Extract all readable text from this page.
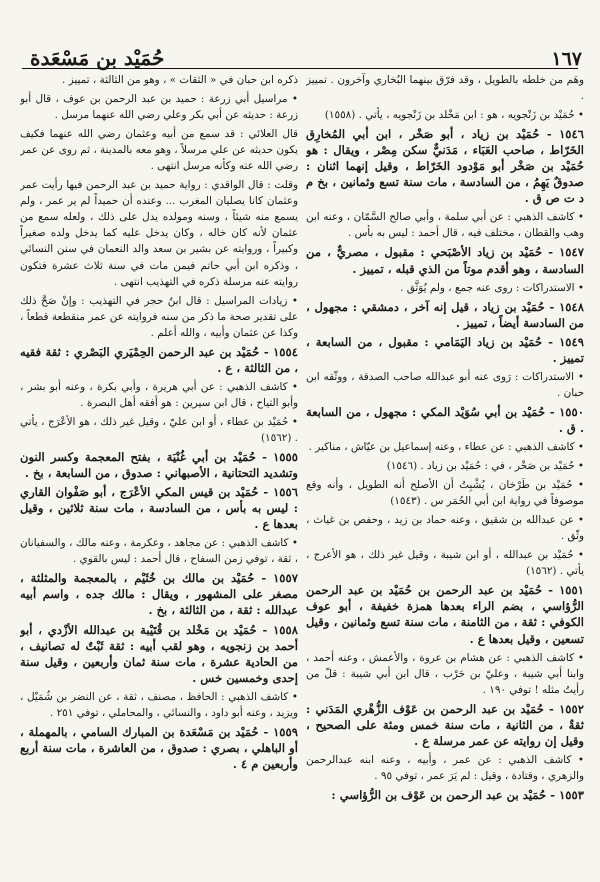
١٦٧
حُمَيْد بن مَسْعَدة

وهَم من خلطه بالطويل ، وقد فرّق بينهما البُخاري وآخرون . تمييز .

• حُمَيْد بن زَنْجويه ، هو : ابن مَخْلد بن زَنْجويه ، يأتي . (١٥٥٨)

١٥٤٦ - حُمَيْد بن زياد ، أبو صَخْر ، ابن أبي المُخارِق الخَرّاط ، صاحب العَبَاء ، مَدَنيٌّ سكن مِصْر ، ويقال : هو حُمَيْد بن صَخْر أبو مَوْدود الخَرّاط ، وقيل إنهما اثنان : صدوقٌ يَهِمُ ، من السادسة ، مات سنة تسع وثمانين ، بخ م د ت ص ق .

• كاشف الذهبي : عن أبي سلمة ، وأبي صالح السَّمّان ، وعنه ابن وهب والقطان ، مختلف فيه ، قال أحمد : ليس به بأس .

١٥٤٧ - حُمَيْد بن زياد الأصْبَحي : مقبول ، مصريٌّ ، من السادسة ، وهو أقدم موتاً من الذي قبله ، تمييز .

• الاستدراكات : روى عنه جمع ، ولم يُوَثَّق .

١٥٤٨ - حُمَيْد بن زياد ، قيل إنه آخر ، دمشقي : مجهول ، من السادسة أيضاً ، تمييز .

١٥٤٩ - حُمَيْد بن زياد اليَمَامي : مقبول ، من السابعة ، تمييز .

• الاستدراكات : رَوى عنه أبو عبدالله صاحب الصدقة ، ووثّقه ابن حبان .

١٥٥٠ - حُمَيْد بن أبي سُوَيْد المكي : مجهول ، من السابعة . ق .

• كاشف الذهبي : عن عطاء ، وعنه إسماعيل بن عيّاش ، مناكير .

• حُمَيْد بن صَخْر ، في : حُمَيْد بن زياد . (١٥٤٦)

• حُمَيْد بن طَرْخان ، يُشْبِتُ أن الأصلح أنه الطويل ، وأنه وقع موصوفاً في رواية ابن أبي الحُمَر س . (١٥٤٣)

• عن عبدالله بن شقيق ، وعنه حماد بن زيد ، وحفص بن غياث ، وثّق .

• حُمَيْد بن عبدالله ، أو ابن شيبة ، وقيل غير ذلك ، هو الأعرج ، يأتي . (١٥٦٢)

١٥٥١ - حُمَيْد بن عبد الرحمن بن حُمَيْد بن عبد الرحمن الرُّؤاسي ، بضم الراء بعدها همزة خفيفة ، أبو عوف الكوفي : ثقة ، من الثامنة ، مات سنة تسع وثمانين ، وقيل تسعين ، وقيل بعدها ع .

• كاشف الذهبي : عن هشام بن عروة ، والأعمش ، وعنه أحمد ، وابنا أبي شيبة ، وعليّ بن حَرْب ، قال ابن أبي شيبة : قلّ من رأيتُ مثله ! توفي ١٩٠ .

١٥٥٢ - حُمَيْد بن عبد الرحمن بن عَوْف الزُّهْري المَدَني : ثقةٌ ، من الثانية ، مات سنة خمس ومئة على الصحيح ، وقيل إن روايته عن عمر مرسلة ع .

• كاشف الذهبي : عن عمر ، وأبيه ، وعنه ابنه عبدالرحمن والزهري ، وقتادة ، وقيل : لم يَرَ عمر ، توفي ٩٥ .

١٥٥٣ - حُمَيْد بن عبد الرحمن بن عَوْف بن الرُّؤاسي :

ذكره ابن حبان في « الثقات » ، وهو من الثالثة ، تمييز .

• مراسيل أبي زرعة : حميد بن عبد الرحمن بن عوف ، قال أبو زرعة : حديثه عن أبي بكر وعلي رضي الله عنهما مرسل .

قال العلائي : قد سمع من أبيه وعثمان رضي الله عنهما فكيف يكون حديثه عن علي مرسلاً ، وهو معه بالمدينة ، ثم روى عن عمر رضي الله عنه وكأنه مرسل انتهى .

وقلت : قال الواقدي : رواية حميد بن عبد الرحمن فيها رأيت عمر وعثمان كانا يصليان المغرب ... وعنده أن حميداً لم ير عمر ، ولم يسمع منه شيئاً ، وسنه ومولده يدل على ذلك ، ولعله سمع من عثمان لأنه كان خاله ، وكان يدخل عليه كما يدخل ولده صغيراً وكبيراً ، وروايته عن بشير بن سعد والد النعمان في سنن النسائي ، وذكره ابن أبي حاتم فيمن مات في سنة ثلاث عشرة فتكون روايته عنه مرسلة ذكره في التهذيب انتهى .

• زيادات المراسيل : قال ابنُ حجر في التهذيب : وإنْ صَحَّ ذلك على تقدير صحة ما ذكر من سنه فروايته عن عمر منقطعة قطعاً ، وكذا عن عثمان وأبيه ، والله أعلم .

١٥٥٤ - حُمَيْد بن عبد الرحمن الحِمْيَري البَصْري : ثقة فقيه ، من الثالثة ، ع .

• كاشف الذهبي : عن أبي هريرة ، وأبي بكرة ، وعنه أبو بشر ، وأبو التياح ، قال ابن سيرين : هو أفقه أهل البصرة .

• حُمَيْد بن عطاء ، أو ابن عليّ ، وقيل غير ذلك ، هو الأعْرَج ، يأتي . (١٥٦٢)

١٥٥٥ - حُمَيْد بن أبي غُنْيَة ، بفتح المعجمة وكسر النون وتشديد التحتانية ، الأصبهاني : صدوق ، من السابعة ، بخ .

١٥٥٦ - حُمَيْد بن قيس المكي الأعْرَج ، أبو صَفْوان القاري : ليس به بأس ، من السادسة ، مات سنة ثلاثين ، وقيل بعدها ع .

• كاشف الذهبي : عن مجاهد ، وعكرمة ، وعنه مالك ، والسفيانان ، ثقة ، توفي زمن السفاح ، قال أحمد : ليس بالقوي .

١٥٥٧ - حُمَيْد بن مالك بن خُثَيْم ، بالمعجمة والمثلثة ، مصغر على المشهور ، ويقال : مالك جده ، واسم أبيه عبدالله : ثقة ، من الثالثة ، بخ .

١٥٥٨ - حُمَيْد بن مَخْلد بن قُتَيْبة بن عبدالله الأزْدي ، أبو أحمد بن زنجويه ، وهو لقب أبيه : ثقة ثَبْتٌ له تصانيف ، من الحادية عشرة ، مات سنة ثمان وأربعين ، وقيل سنة إحدى وخمسين خس .

• كاشف الذهبي : الحافظ ، مصنف ، ثقة ، عن النضر بن شُمَيْل ، ويزيد ، وعنه أبو داود ، والنسائي ، والمحاملي ، توفي ٢٥١ .

١٥٥٩ - حُمَيْد بن مَسْعَدة بن المبارك السامي ، بالمهملة ، أو الباهلي ، بصري : صدوق ، من العاشرة ، مات سنة أربع وأربعين م ٤ .
